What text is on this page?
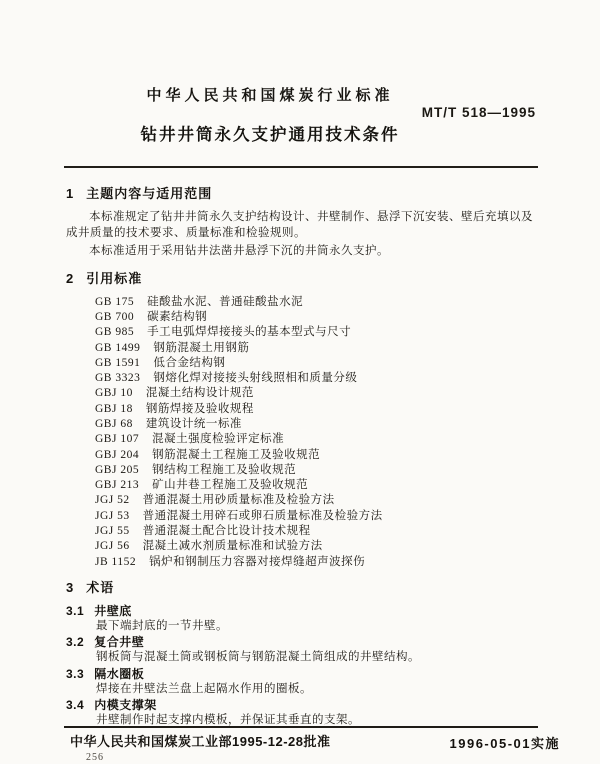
中华人民共和国煤炭行业标准
MT/T 518—1995
钻井井筒永久支护通用技术条件
1 主题内容与适用范围

本标准规定了钻井井筒永久支护结构设计、井壁制作、悬浮下沉安装、壁后充填以及成井质量的技术要求、质量标准和检验规则。

本标准适用于采用钻井法凿井悬浮下沉的井筒永久支护。

2 引用标准
GB 175 硅酸盐水泥、普通硅酸盐水泥
GB 700 碳素结构钢
GB 985 手工电弧焊焊接接头的基本型式与尺寸
GB 1499 钢筋混凝土用钢筋
GB 1591 低合金结构钢
GB 3323 钢熔化焊对接接头射线照相和质量分级
GBJ 10 混凝土结构设计规范
GBJ 18 钢筋焊接及验收规程
GBJ 68 建筑设计统一标准
GBJ 107 混凝土强度检验评定标准
GBJ 204 钢筋混凝土工程施工及验收规范
GBJ 205 钢结构工程施工及验收规范
GBJ 213 矿山井巷工程施工及验收规范
JGJ 52 普通混凝土用砂质量标准及检验方法
JGJ 53 普通混凝土用碎石或卵石质量标准及检验方法
JGJ 55 普通混凝土配合比设计技术规程
JGJ 56 混凝土减水剂质量标准和试验方法
JB 1152 锅炉和钢制压力容器对接焊缝超声波探伤
3 术语
3.1 井壁底
最下端封底的一节井壁。
3.2 复合井壁
钢板筒与混凝土筒或钢板筒与钢筋混凝土筒组成的井壁结构。
3.3 隔水圈板
焊接在井壁法兰盘上起隔水作用的圈板。
3.4 内模支撑架
井壁制作时起支撑内模板，并保证其垂直的支架。
中华人民共和国煤炭工业部1995-12-28批准	1996-05-01实施
256
